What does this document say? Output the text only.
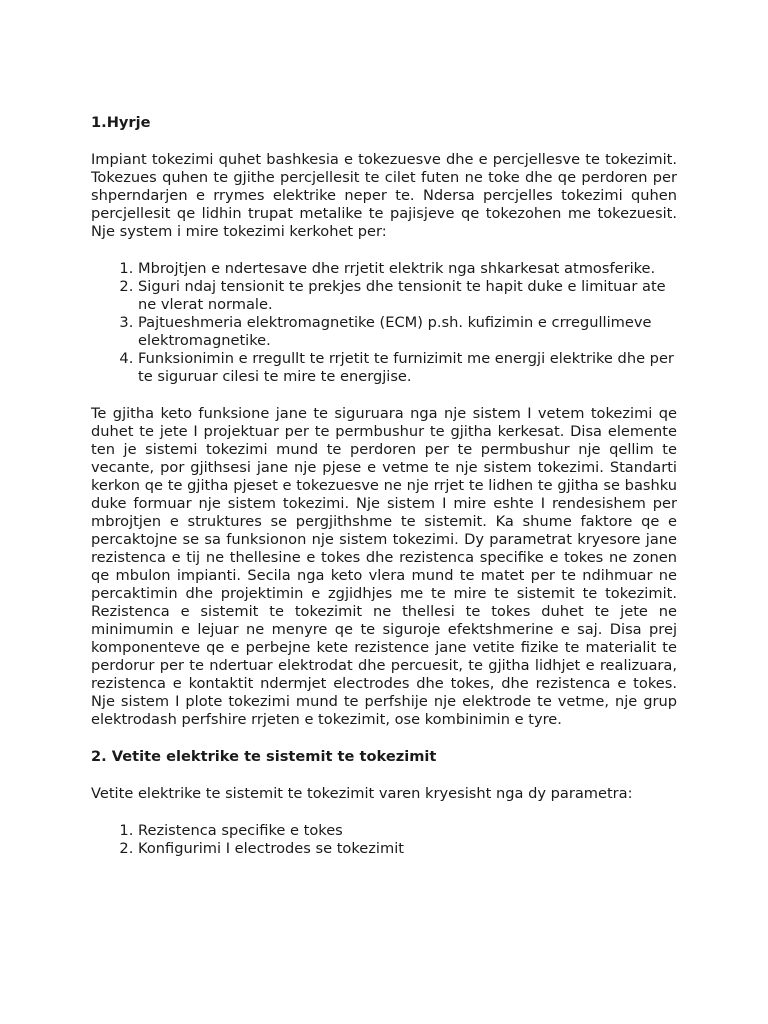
1.Hyrje

Impiant tokezimi quhet bashkesia e tokezuesve dhe e percjellesve te tokezimit. Tokezues quhen te gjithe percjellesit te cilet futen ne toke dhe qe perdoren per shperndarjen e rrymes elektrike neper te. Ndersa percjelles tokezimi quhen percjellesit qe lidhin trupat metalike te pajisjeve qe tokezohen me tokezuesit. Nje system i mire tokezimi kerkohet per:

1. Mbrojtjen e ndertesave dhe rrjetit elektrik nga shkarkesat atmosferike.
2. Siguri ndaj tensionit te prekjes dhe tensionit te hapit duke e limituar ate ne vlerat normale.
3. Pajtueshmeria elektromagnetike (ECM) p.sh. kufizimin e crregullimeve elektromagnetike.
4. Funksionimin e rregullt te rrjetit te furnizimit me energji elektrike dhe per te siguruar cilesi te mire te energjise.

Te gjitha keto funksione jane te siguruara nga nje sistem I vetem tokezimi qe duhet te jete I projektuar per te permbushur te gjitha kerkesat. Disa elemente ten je sistemi tokezimi mund te perdoren per te permbushur nje qellim te vecante, por gjithsesi jane nje pjese e vetme te nje sistem tokezimi. Standarti kerkon qe te gjitha pjeset e tokezuesve ne nje rrjet te lidhen te gjitha se bashku duke formuar nje sistem tokezimi. Nje sistem I mire eshte I rendesishem per mbrojtjen e struktures se pergjithshme te sistemit. Ka shume faktore qe e percaktojne se sa funksionon nje sistem tokezimi. Dy parametrat kryesore jane rezistenca e tij ne thellesine e tokes dhe rezistenca specifike e tokes ne zonen qe mbulon impianti. Secila nga keto vlera mund te matet per te ndihmuar ne percaktimin dhe projektimin e zgjidhjes me te mire te sistemit te tokezimit. Rezistenca e sistemit te tokezimit ne thellesi te tokes duhet te jete ne minimumin e lejuar ne menyre qe te siguroje efektshmerine e saj. Disa prej komponenteve qe e perbejne kete rezistence jane vetite fizike te materialit te perdorur per te ndertuar elektrodat dhe percuesit, te gjitha lidhjet e realizuara, rezistenca e kontaktit ndermjet electrodes dhe tokes, dhe rezistenca e tokes. Nje sistem I plote tokezimi mund te perfshije nje elektrode te vetme, nje grup elektrodash perfshire rrjeten e tokezimit, ose kombinimin e tyre.

2. Vetite elektrike te sistemit te tokezimit

Vetite elektrike te sistemit te tokezimit varen kryesisht nga dy parametra:

1. Rezistenca specifike e tokes
2. Konfigurimi I electrodes se tokezimit
